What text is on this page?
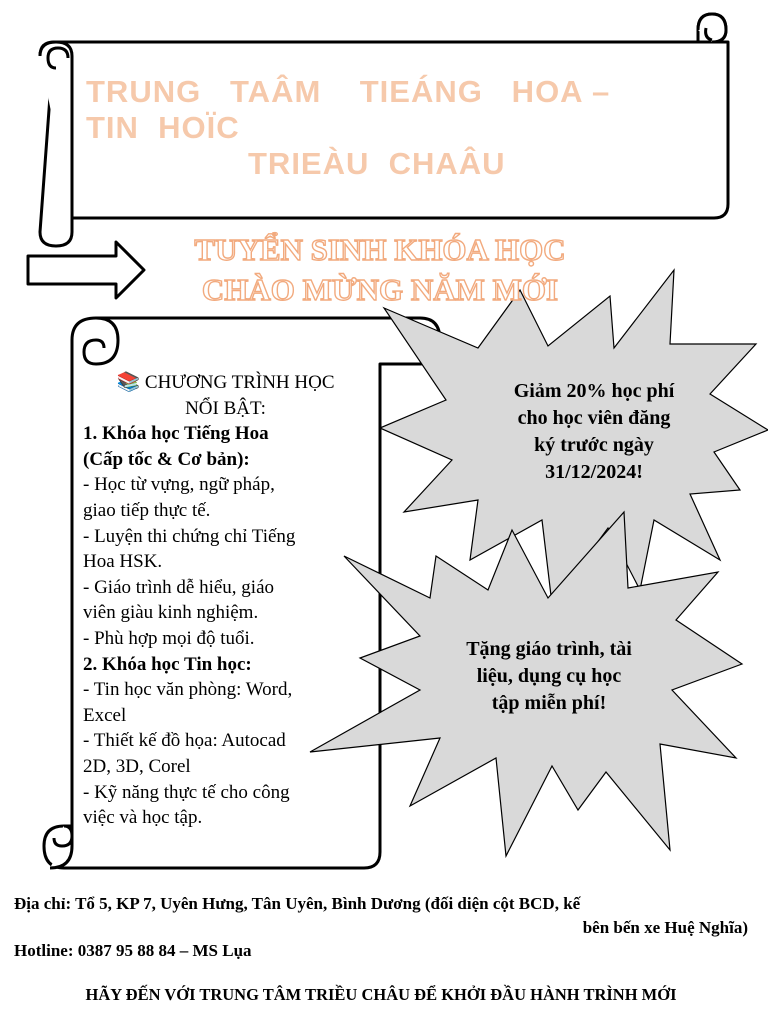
TRUNG   TAÂM    TIEÁNG   HOA –
TIN  HOÏC
TRIEÀU  CHAÂU
TUYỂN SINH KHÓA HỌC
CHÀO MỪNG NĂM MỚI
📚 CHƯƠNG TRÌNH HỌC
NỔI BẬT:
1. Khóa học Tiếng Hoa
(Cấp tốc & Cơ bản):
- Học từ vựng, ngữ pháp,
giao tiếp thực tế.
- Luyện thi chứng chỉ Tiếng
Hoa HSK.
- Giáo trình dễ hiểu, giáo
viên giàu kinh nghiệm.
- Phù hợp mọi độ tuổi.
2. Khóa học Tin học:
- Tin học văn phòng: Word,
Excel
- Thiết kế đồ họa: Autocad
2D, 3D, Corel
- Kỹ năng thực tế cho công
việc và học tập.
Giảm 20% học phí
cho học viên đăng
ký trước ngày
31/12/2024!
Tặng giáo trình, tài
liệu, dụng cụ học
tập miễn phí!
Địa chỉ: Tổ 5, KP 7, Uyên Hưng, Tân Uyên, Bình Dương (đối diện cột BCD, kế
bên bến xe Huệ Nghĩa)
Hotline: 0387 95 88 84 – MS Lụa
HÃY ĐẾN VỚI TRUNG TÂM TRIỀU CHÂU ĐỂ KHỞI ĐẦU HÀNH TRÌNH MỚI
